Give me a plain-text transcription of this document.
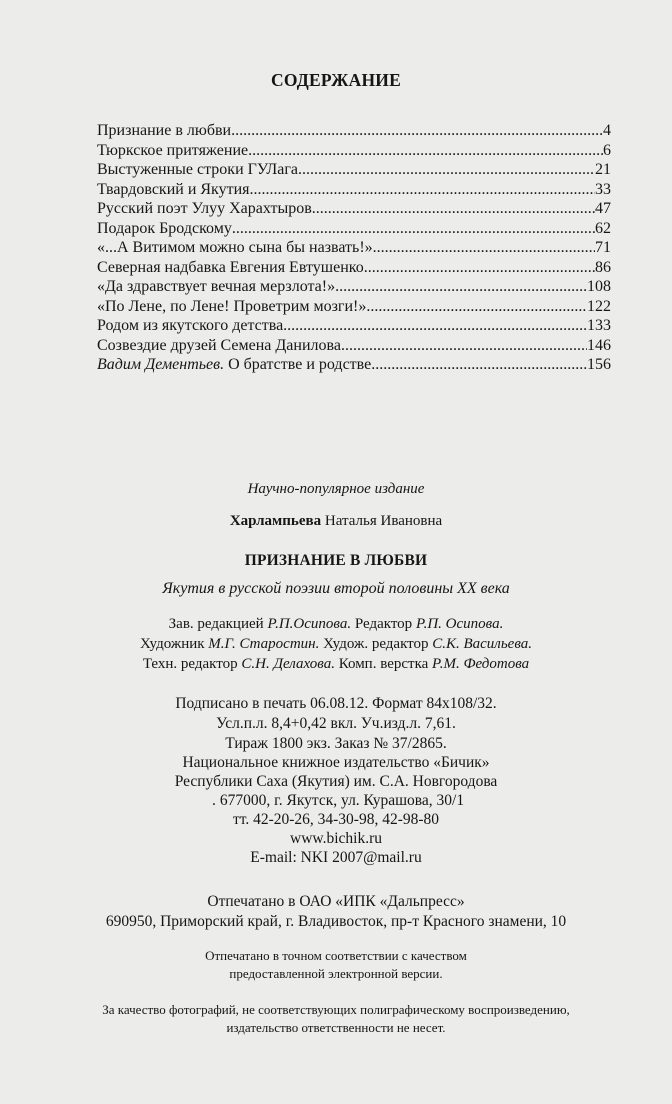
СОДЕРЖАНИЕ
Признание в любви .....	4
Тюркское притяжение .....	6
Выстуженные строки ГУЛага .....	21
Твардовский и Якутия .....	33
Русский поэт Улуу Харахтыров .....	47
Подарок Бродскому .....	62
«...А Витимом можно сына бы назвать!» .....	71
Северная надбавка Евгения Евтушенко .....	86
«Да здравствует вечная мерзлота!» .....	108
«По Лене, по Лене! Проветрим мозги!» .....	122
Родом из якутского детства .....	133
Созвездие друзей Семена Данилова .....	146
Вадим Дементьев. О братстве и родстве .....	156
Научно-популярное издание
Харлампьева Наталья Ивановна
ПРИЗНАНИЕ В ЛЮБВИ
Якутия в русской поэзии второй половины XX века
Зав. редакцией Р.П.Осипова. Редактор Р.П. Осипова.
Художник М.Г. Старостин. Худож. редактор С.К. Васильева.
Техн. редактор С.Н. Делахова. Комп. верстка Р.М. Федотова
Подписано в печать 06.08.12. Формат 84х108/32.
Усл.п.л. 8,4+0,42 вкл. Уч.изд.л. 7,61.
Тираж 1800 экз. Заказ № 37/2865.
Национальное книжное издательство «Бичик»
Республики Саха (Якутия) им. С.А. Новгородова
. 677000, г. Якутск, ул. Курашова, 30/1
тт. 42-20-26, 34-30-98, 42-98-80
www.bichik.ru
E-mail: NKI 2007@mail.ru
Отпечатано в ОАО «ИПК «Дальпресс»
690950, Приморский край, г. Владивосток, пр-т Красного знамени, 10
Отпечатано в точном соответствии с качеством
предоставленной электронной версии.
За качество фотографий, не соответствующих полиграфическому воспроизведению,
издательство ответственности не несет.
